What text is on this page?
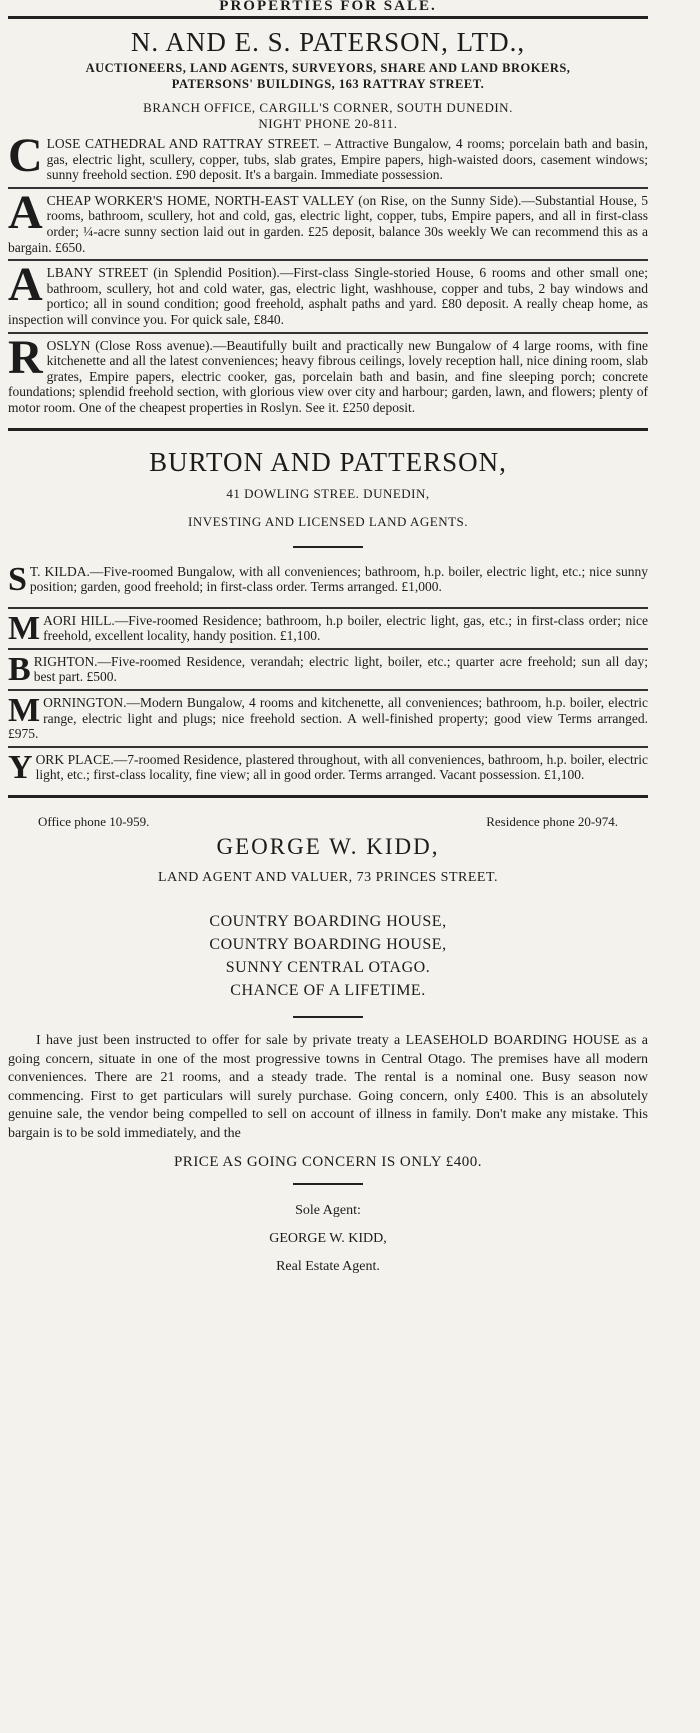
PROPERTIES FOR SALE.

N. AND E. S. PATERSON, LTD.,

AUCTIONEERS, LAND AGENTS, SURVEYORS, SHARE AND LAND BROKERS,

PATERSONS' BUILDINGS, 163 RATTRAY STREET.

BRANCH OFFICE, CARGILL'S CORNER, SOUTH DUNEDIN.

NIGHT PHONE 20-811.

C LOSE CATHEDRAL AND RATTRAY STREET. – Attractive Bungalow, 4 rooms; porcelain bath and basin, gas, electric light, scullery, copper, tubs, slab grates, Empire papers, high-waisted doors, casement windows; sunny freehold section. £90 deposit. It's a bargain. Immediate possession.

A CHEAP WORKER'S HOME, NORTH-EAST VALLEY (on Rise, on the Sunny Side).—Substantial House, 5 rooms, bathroom, scullery, hot and cold, gas, electric light, copper, tubs, Empire papers, and all in first-class order; ¼-acre sunny section laid out in garden. £25 deposit, balance 30s weekly We can recommend this as a bargain. £650.

A LBANY STREET (in Splendid Position).—First-class Single-storied House, 6 rooms and other small one; bathroom, scullery, hot and cold water, gas, electric light, washhouse, copper and tubs, 2 bay windows and portico; all in sound condition; good freehold, asphalt paths and yard. £80 deposit. A really cheap home, as inspection will convince you. For quick sale, £840.

R OSLYN (Close Ross avenue).—Beautifully built and practically new Bungalow of 4 large rooms, with fine kitchenette and all the latest conveniences; heavy fibrous ceilings, lovely reception hall, nice dining room, slab grates, Empire papers, electric cooker, gas, porcelain bath and basin, and fine sleeping porch; concrete foundations; splendid freehold section, with glorious view over city and harbour; garden, lawn, and flowers; plenty of motor room. One of the cheapest properties in Roslyn. See it. £250 deposit.

BURTON AND PATTERSON,

41 DOWLING STREE. DUNEDIN,

INVESTING AND LICENSED LAND AGENTS.

S T. KILDA.—Five-roomed Bungalow, with all conveniences; bathroom, h.p. boiler, electric light, etc.; nice sunny position; garden, good freehold; in first-class order. Terms arranged. £1,000.

M AORI HILL.—Five-roomed Residence; bathroom, h.p boiler, electric light, gas, etc.; in first-class order; nice freehold, excellent locality, handy position. £1,100.

B RIGHTON.—Five-roomed Residence, verandah; electric light, boiler, etc.; quarter acre freehold; sun all day; best part. £500.

M ORNINGTON.—Modern Bungalow, 4 rooms and kitchenette, all conveniences; bathroom, h.p. boiler, electric range, electric light and plugs; nice freehold section. A well-finished property; good view Terms arranged. £975.

Y ORK PLACE.—7-roomed Residence, plastered throughout, with all conveniences, bathroom, h.p. boiler, electric light, etc.; first-class locality, fine view; all in good order. Terms arranged. Vacant possession. £1,100.

Office phone 10-959.	Residence phone 20-974.
GEORGE W. KIDD,

LAND AGENT AND VALUER, 73 PRINCES STREET.

COUNTRY BOARDING HOUSE,

COUNTRY BOARDING HOUSE,

SUNNY CENTRAL OTAGO.

CHANCE OF A LIFETIME.

I have just been instructed to offer for sale by private treaty a LEASEHOLD BOARDING HOUSE as a going concern, situate in one of the most progressive towns in Central Otago. The premises have all modern conveniences. There are 21 rooms, and a steady trade. The rental is a nominal one. Busy season now commencing. First to get particulars will surely purchase. Going concern, only £400. This is an absolutely genuine sale, the vendor being compelled to sell on account of illness in family. Don't make any mistake. This bargain is to be sold immediately, and the

PRICE AS GOING CONCERN IS ONLY £400.

Sole Agent:

GEORGE W. KIDD,

Real Estate Agent.
